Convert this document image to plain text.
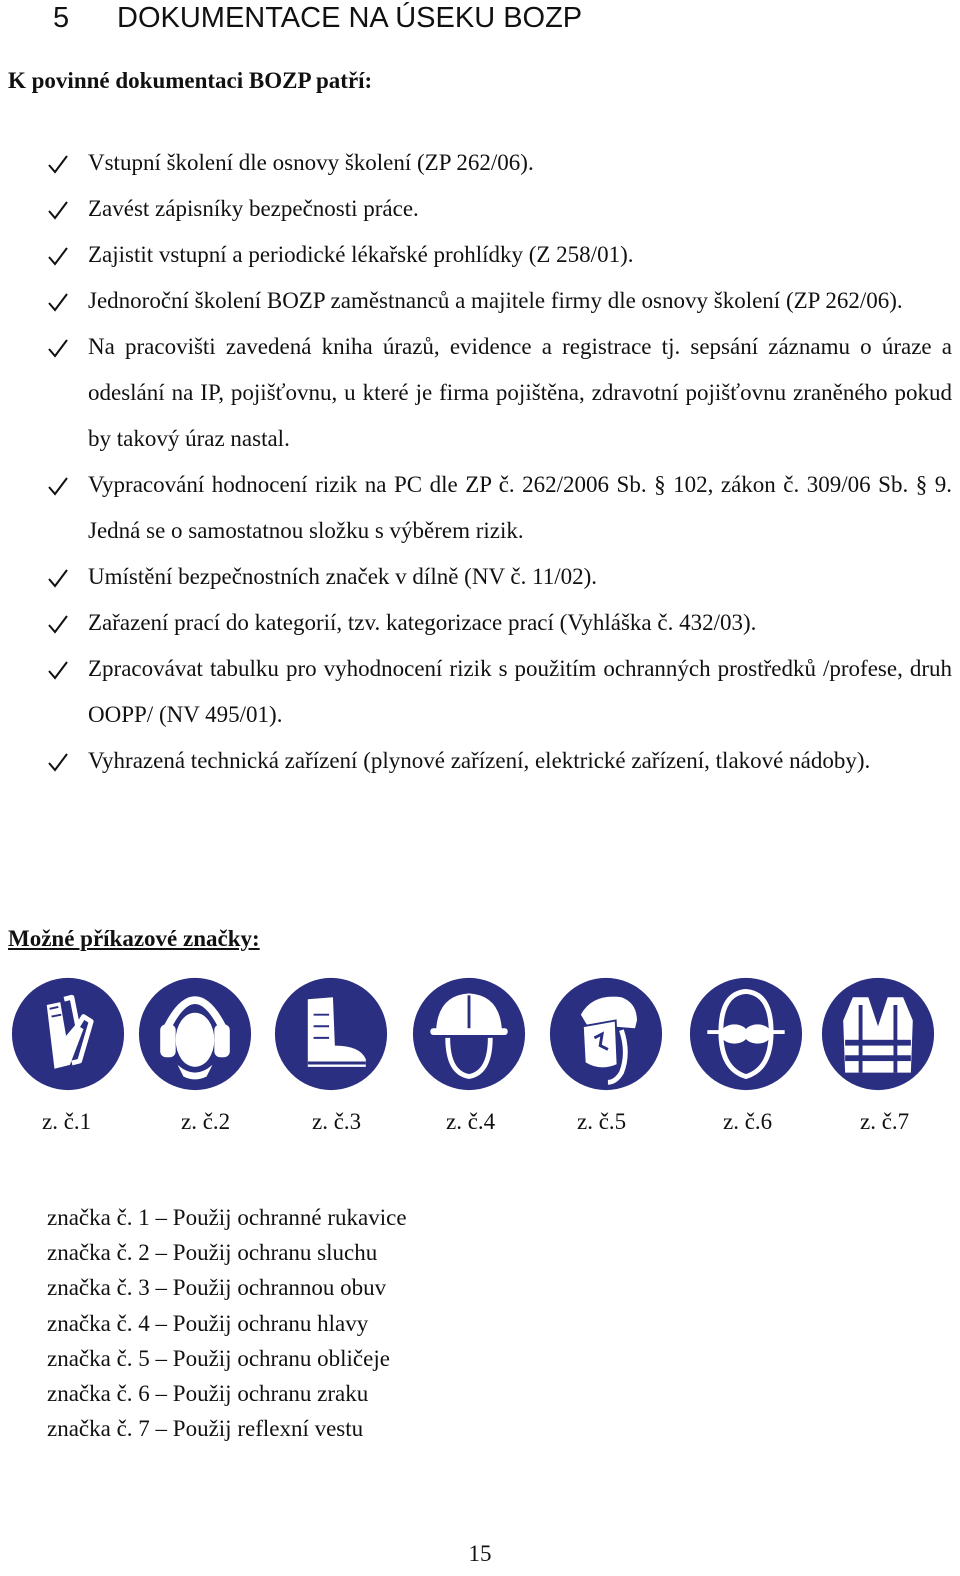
5 DOKUMENTACE NA ÚSEKU BOZP

K povinné dokumentaci BOZP patří:

Vstupní školení dle osnovy školení (ZP 262/06).
Zavést zápisníky bezpečnosti práce.
Zajistit vstupní a periodické lékařské prohlídky (Z 258/01).
Jednoroční školení BOZP zaměstnanců a majitele firmy dle osnovy školení (ZP 262/06).
Na pracovišti zavedená kniha úrazů, evidence a registrace tj. sepsání záznamu o úraze a odeslání na IP, pojišťovnu, u které je firma pojištěna, zdravotní pojišťovnu zraněného pokud by takový úraz nastal.
Vypracování hodnocení rizik na PC dle ZP č. 262/2006 Sb. § 102, zákon č. 309/06 Sb. § 9. Jedná se o samostatnou složku s výběrem rizik.
Umístění bezpečnostních značek v dílně (NV č. 11/02).
Zařazení prací do kategorií, tzv. kategorizace prací (Vyhláška č. 432/03).
Zpracovávat tabulku pro vyhodnocení rizik s použitím ochranných prostředků /profese, druh OOPP/ (NV 495/01).
Vyhrazená technická zařízení (plynové zařízení, elektrické zařízení, tlakové nádoby).

Možné příkazové značky:

z. č.1	z. č.2	z. č.3	z. č.4	z. č.5	z. č.6	z. č.7
značka č. 1 – Použij ochranné rukavice
značka č. 2 – Použij ochranu sluchu
značka č. 3 – Použij ochrannou obuv
značka č. 4 – Použij ochranu hlavy
značka č. 5 – Použij ochranu obličeje
značka č. 6 – Použij ochranu zraku
značka č. 7 – Použij reflexní vestu
15
